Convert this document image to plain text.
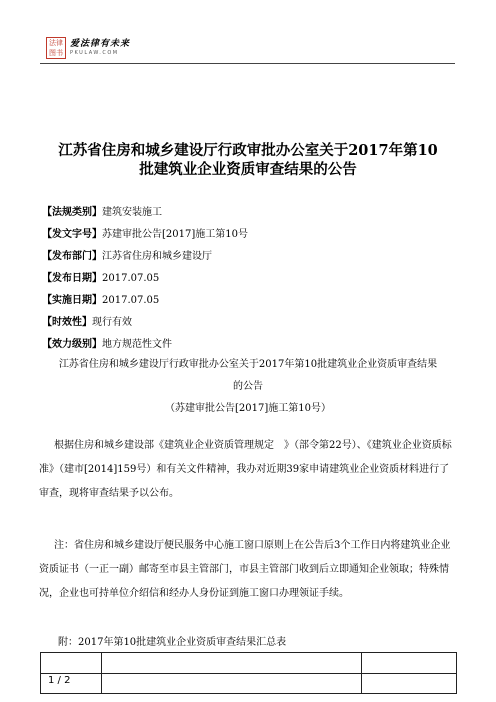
法律
图书
爱法律有未来
PKULAW.COM
江苏省住房和城乡建设厅行政审批办公室关于2017年第10
批建筑业企业资质审查结果的公告
【法规类别】建筑安装施工
【发文字号】苏建审批公告[2017]施工第10号
【发布部门】江苏省住房和城乡建设厅
【发布日期】2017.07.05
【实施日期】2017.07.05
【时效性】现行有效
【效力级别】地方规范性文件
江苏省住房和城乡建设厅行政审批办公室关于2017年第10批建筑业企业资质审查结果
的公告
（苏建审批公告[2017]施工第10号）
根据住房和城乡建设部《建筑业企业资质管理规定　》（部令第22号）、《建筑业企业资质标准》（建市[2014]159号）和有关文件精神，我办对近期39家申请建筑业企业资质材料进行了审查，现将审查结果予以公布。
注：省住房和城乡建设厅便民服务中心施工窗口原则上在公告后3个工作日内将建筑业企业资质证书（一正一副）邮寄至市县主管部门，市县主管部门收到后立即通知企业领取；特殊情况，企业也可持单位介绍信和经办人身份证到施工窗口办理领证手续。
附：2017年第10批建筑业企业资质审查结果汇总表
1 / 2
